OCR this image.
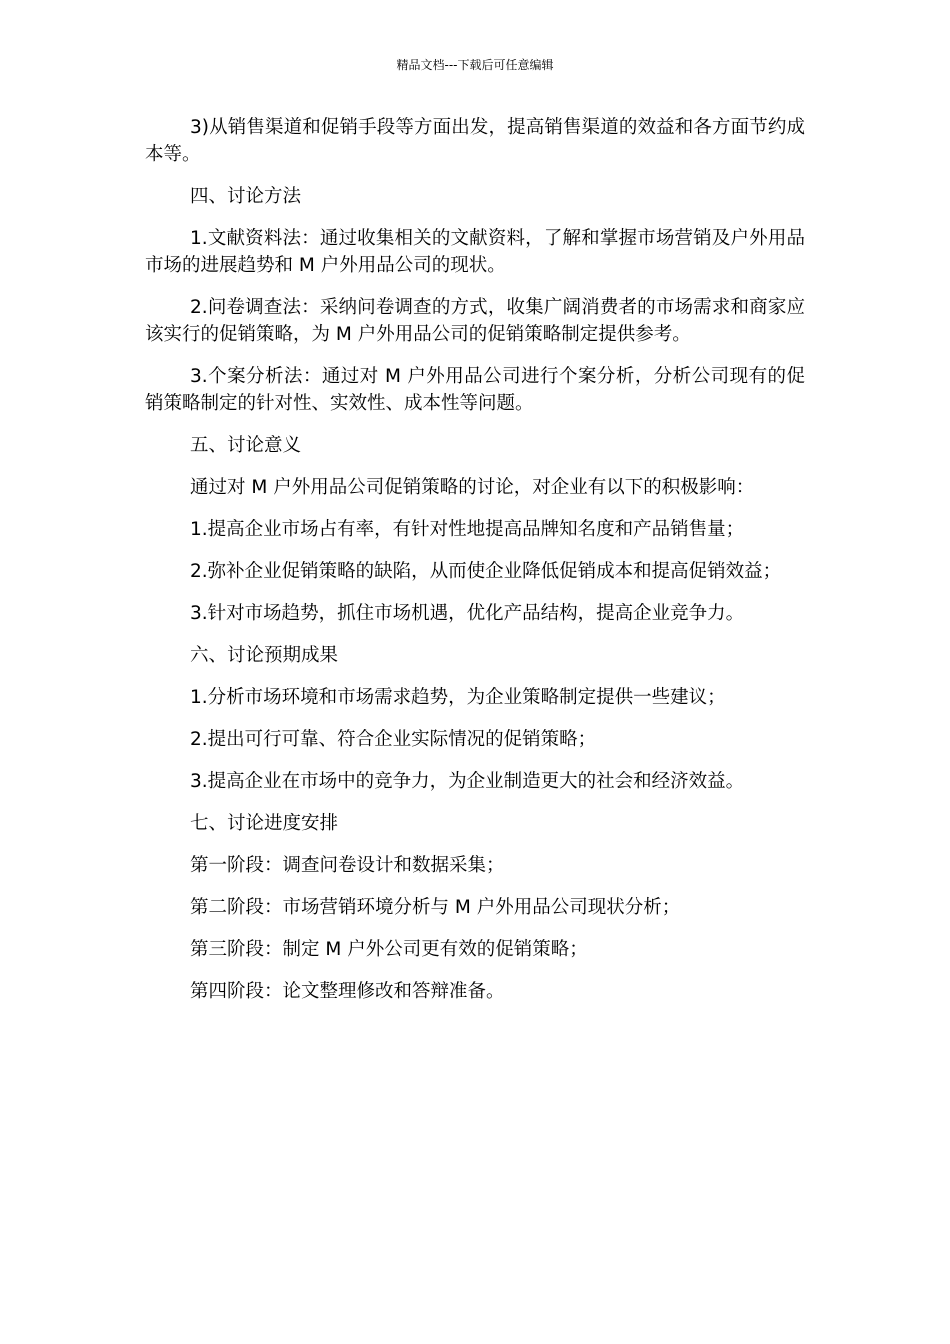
精品文档---下载后可任意编辑

3)从销售渠道和促销手段等方面出发，提高销售渠道的效益和各方面节约成本等。

四、讨论方法

1.文献资料法：通过收集相关的文献资料，了解和掌握市场营销及户外用品市场的进展趋势和 M 户外用品公司的现状。

2.问卷调查法：采纳问卷调查的方式，收集广阔消费者的市场需求和商家应该实行的促销策略，为 M 户外用品公司的促销策略制定提供参考。

3.个案分析法：通过对 M 户外用品公司进行个案分析，分析公司现有的促销策略制定的针对性、实效性、成本性等问题。

五、讨论意义

通过对 M 户外用品公司促销策略的讨论，对企业有以下的积极影响：

1.提高企业市场占有率，有针对性地提高品牌知名度和产品销售量；

2.弥补企业促销策略的缺陷，从而使企业降低促销成本和提高促销效益；

3.针对市场趋势，抓住市场机遇，优化产品结构，提高企业竞争力。

六、讨论预期成果

1.分析市场环境和市场需求趋势，为企业策略制定提供一些建议；

2.提出可行可靠、符合企业实际情况的促销策略；

3.提高企业在市场中的竞争力，为企业制造更大的社会和经济效益。

七、讨论进度安排

第一阶段：调查问卷设计和数据采集；

第二阶段：市场营销环境分析与 M 户外用品公司现状分析；

第三阶段：制定 M 户外公司更有效的促销策略；

第四阶段：论文整理修改和答辩准备。
